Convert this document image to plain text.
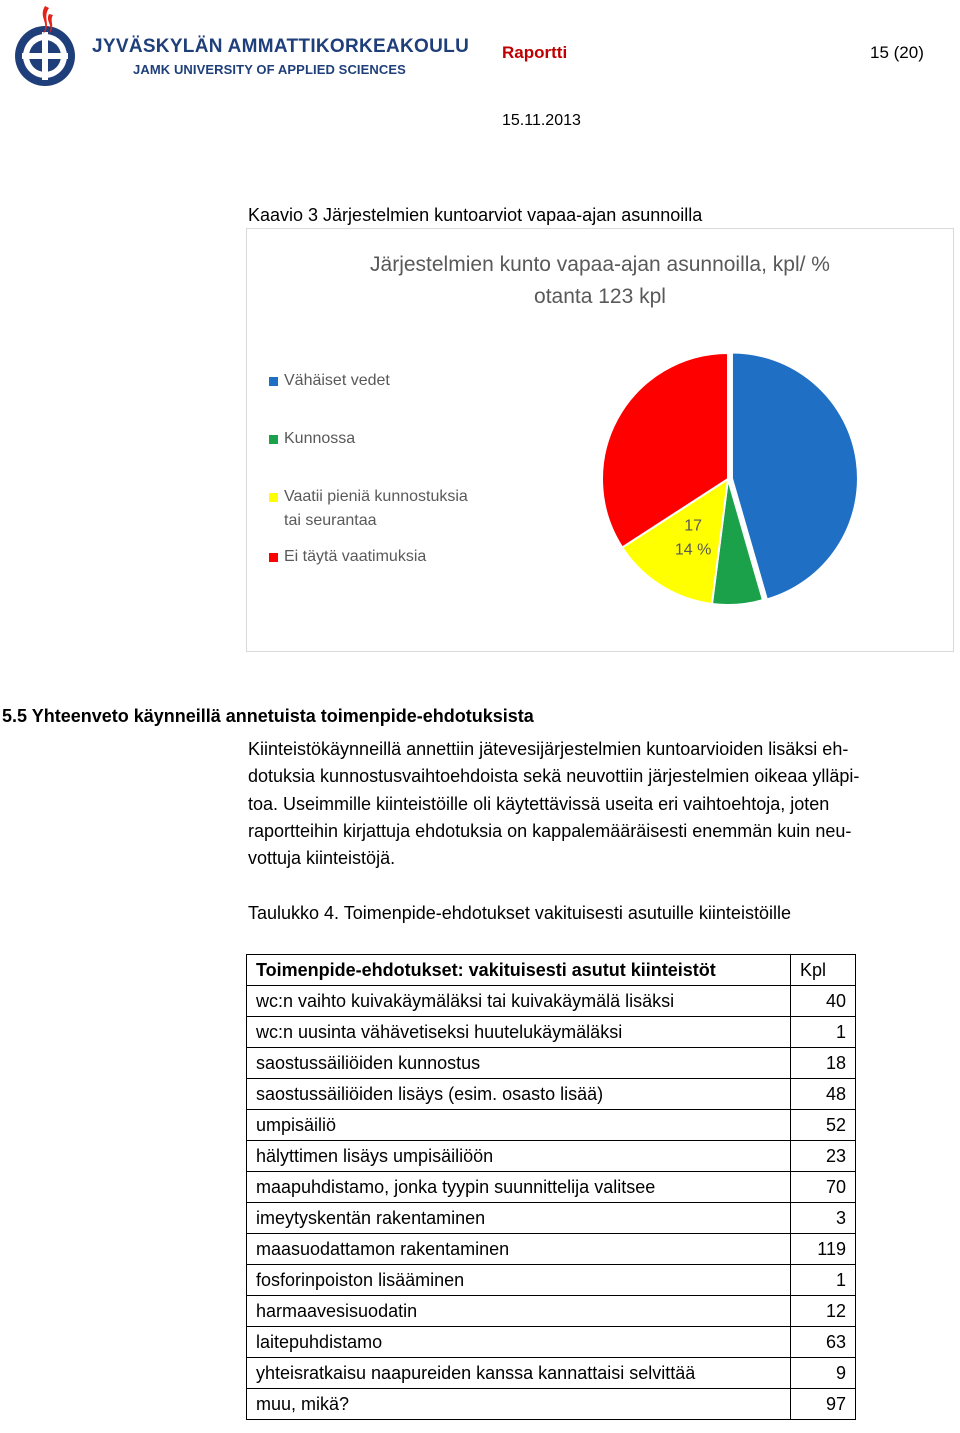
JYVÄSKYLÄN AMMATTIKORKEAKOULU
JAMK UNIVERSITY OF APPLIED SCIENCES
Raportti	15 (20)
15.11.2013
Kaavio 3 Järjestelmien kuntoarviot vapaa-ajan asunnoilla
Järjestelmien kunto vapaa-ajan asunnoilla, kpl/ %
otanta 123 kpl
Vähäiset vedet
Kunnossa
Vaatii pieniä kunnostuksia
tai seurantaa
Ei täytä vaatimuksia
56
46 %
8
6 %
17
14 %
42
34 %
5.5 Yhteenveto käynneillä annetuista toimenpide-ehdotuksista

Kiinteistökäynneillä annettiin jätevesijärjestelmien kuntoarvioiden lisäksi eh-

dotuksia kunnostusvaihtoehdoista sekä neuvottiin järjestelmien oikeaa ylläpi-

toa. Useimmille kiinteistöille oli käytettävissä useita eri vaihtoehtoja, joten

raportteihin kirjattuja ehdotuksia on kappalemääräisesti enemmän kuin neu-

vottuja kiinteistöjä.

Taulukko 4. Toimenpide-ehdotukset vakituisesti asutuille kiinteistöille
Toimenpide-ehdotukset: vakituisesti asutut kiinteistöt	Kpl
wc:n vaihto kuivakäymäläksi tai kuivakäymälä lisäksi	40
wc:n uusinta vähävetiseksi huutelukäymäläksi	1
saostussäiliöiden kunnostus	18
saostussäiliöiden lisäys (esim. osasto lisää)	48
umpisäiliö	52
hälyttimen lisäys umpisäiliöön	23
maapuhdistamo, jonka tyypin suunnittelija valitsee	70
imeytyskentän rakentaminen	3
maasuodattamon rakentaminen	119
fosforinpoiston lisääminen	1
harmaavesisuodatin	12
laitepuhdistamo	63
yhteisratkaisu naapureiden kanssa kannattaisi selvittää	9
muu, mikä?	97
